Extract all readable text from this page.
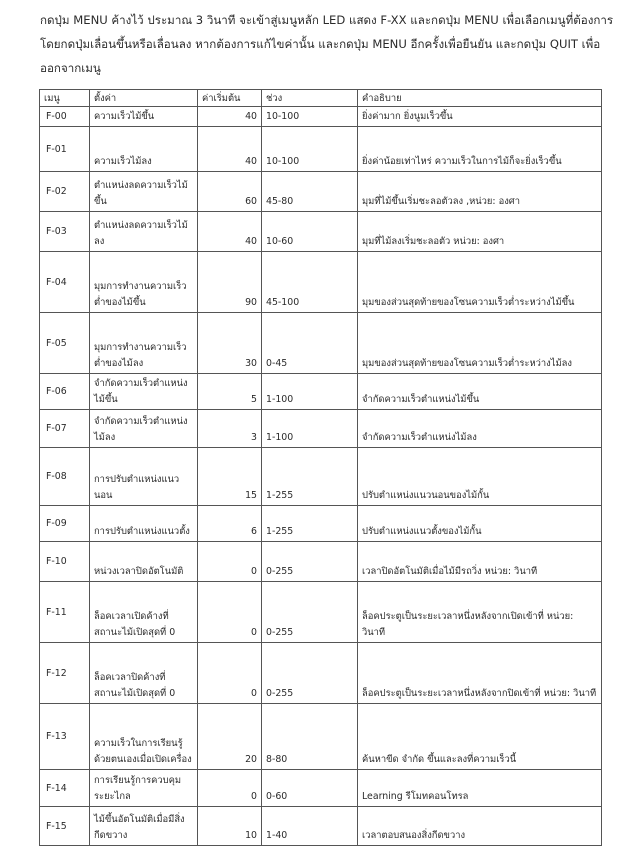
กดปุ่ม MENU ค้างไว้ ประมาณ 3 วินาที จะเข้าสู่เมนูหลัก LED แสดง F-XX และกดปุ่ม MENU เพื่อเลือกเมนูที่ต้องการ โดยกดปุ่มเลื่อนขึ้นหรือเลื่อนลง หากต้องการแก้ไขค่านั้น และกดปุ่ม MENU อีกครั้งเพื่อยืนยัน และกดปุ่ม QUIT เพื่อออกจากเมนู
เมนู	ตั้งค่า	ค่าเริ่มต้น	ช่วง	คำอธิบาย
F-00	ความเร็วไม้ขึ้น	40	10-100	ยิ่งค่ามาก ยิ่งนูมเร็วขึ้น
F-01	ความเร็วไม้ลง	40	10-100	ยิ่งค่าน้อยเท่าไหร่ ความเร็วในการไม้ก็จะยิ่งเร็วขึ้น
F-02	ตำแหน่งลดความเร็วไม้ขึ้น	60	45-80	มุมที่ไม้ขึ้นเริ่มชะลอตัวลง ,หน่วย: องศา
F-03	ตำแหน่งลดความเร็วไม้ลง	40	10-60	มุมที่ไม้ลงเริ่มชะลอตัว หน่วย: องศา
F-04	มุมการทำงานความเร็วต่ำของไม้ขึ้น	90	45-100	มุมของส่วนสุดท้ายของโซนความเร็วต่ำระหว่างไม้ขึ้น
F-05	มุมการทำงานความเร็วต่ำของไม้ลง	30	0-45	มุมของส่วนสุดท้ายของโซนความเร็วต่ำระหว่างไม้ลง
F-06	จำกัดความเร็วตำแหน่งไม้ขึ้น	5	1-100	จำกัดความเร็วตำแหน่งไม้ขึ้น
F-07	จำกัดความเร็วตำแหน่งไม้ลง	3	1-100	จำกัดความเร็วตำแหน่งไม้ลง
F-08	การปรับตำแหน่งแนวนอน	15	1-255	ปรับตำแหน่งแนวนอนของไม้กั้น
F-09	การปรับตำแหน่งแนวตั้ง	6	1-255	ปรับตำแหน่งแนวตั้งของไม้กั้น
F-10	หน่วงเวลาปิดอัตโนมัติ	0	0-255	เวลาปิดอัตโนมัติเมื่อไม้มีรถวิ่ง หน่วย: วินาที
F-11	ล็อคเวลาเปิดค้างที่สถานะไม้เปิดสุดที่ 0	0	0-255	ล็อคประตูเป็นระยะเวลาหนึ่งหลังจากเปิดเข้าที่ หน่วย: วินาที
F-12	ล็อคเวลาปิดค้างที่สถานะไม้เปิดสุดที่ 0	0	0-255	ล็อคประตูเป็นระยะเวลาหนึ่งหลังจากปิดเข้าที่ หน่วย: วินาที
F-13	ความเร็วในการเรียนรู้ด้วยตนเองเมื่อเปิดเครื่อง	20	8-80	ค้นหาขีด จำกัด ขึ้นและลงที่ความเร็วนี้
F-14	การเรียนรู้การควบคุมระยะไกล	0	0-60	Learning รีโมทคอนโทรล
F-15	ไม้ขึ้นอัตโนมัติเมื่อมีสิ่งกีดขวาง	10	1-40	เวลาตอบสนองสิ่งกีดขวาง
